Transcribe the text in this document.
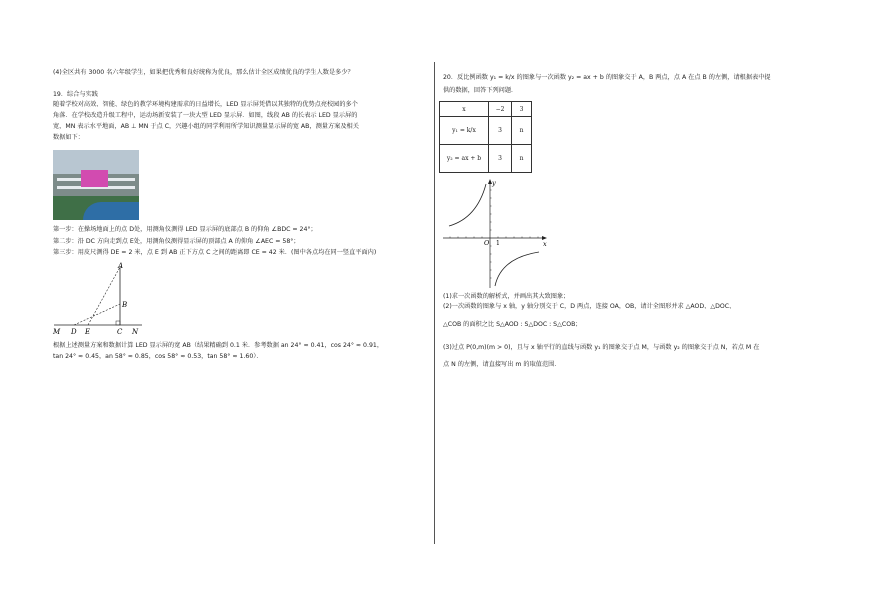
(4)全区共有 3000 名六年级学生，如果把优秀和良好统称为优良，那么估计全区成绩优良的学生人数是多少？
19．综合与实践
随着学校对高效、智能、绿色的教学环境构建需求的日益增长，LED 显示屏凭借以其独特的优势点亮校园的多个
角落．在学校改造升级工程中，运动场新安装了一块大型 LED 显示屏．如图，线段 AB 的长表示 LED 显示屏的
宽，MN 表示水平地面，AB ⊥ MN 于点 C，兴趣小组的同学利用所学知识测量显示屏的宽 AB，测量方案及相关
数据如下：
第一步：在操场地面上的点 D处，用测角仪测得 LED 显示屏的底部点 B 的仰角 ∠BDC = 24°；
第二步：沿 DC 方向走到点 E处，用测角仪测得显示屏的顶部点 A 的仰角 ∠AEC = 58°；
第三步：用皮尺测得 DE = 2 米，点 E 到 AB 正下方点 C 之间的距离即 CE = 42 米．(图中各点均在同一竖直平面内)
A
B
M D E	C N
根据上述测量方案和数据计算 LED 显示屏的宽 AB（结果精确到 0.1 米．参考数据 an 24° ≈ 0.41，cos 24° ≈ 0.91，
tan 24° ≈ 0.45，an 58° ≈ 0.85，cos 58° ≈ 0.53，tan 58° ≈ 1.60）．
20．反比例函数 y₁ = k/x 的图象与一次函数 y₂ = ax + b 的图象交于 A，B 两点，点 A 在点 B 的左侧，请根据表中提
供的数据，回答下列问题．
x	−2	3
y₁ = k/x	3	n
y₂ = ax + b	3	n
y
x
O 1
(1)求一次函数的解析式，并画出其大致图象；
(2)一次函数的图象与 x 轴，y 轴分别交于 C，D 两点，连接 OA，OB，请计全图形并求 △AOD、△DOC、
△COB 的面积之比 S△AOD : S△DOC : S△COB；
(3)过点 P(0,m)(m > 0)，且与 x 轴平行的直线与函数 y₁ 的图象交于点 M，与函数 y₂ 的图象交于点 N，若点 M 在
点 N 的左侧，请直接写出 m 的取值范围．
